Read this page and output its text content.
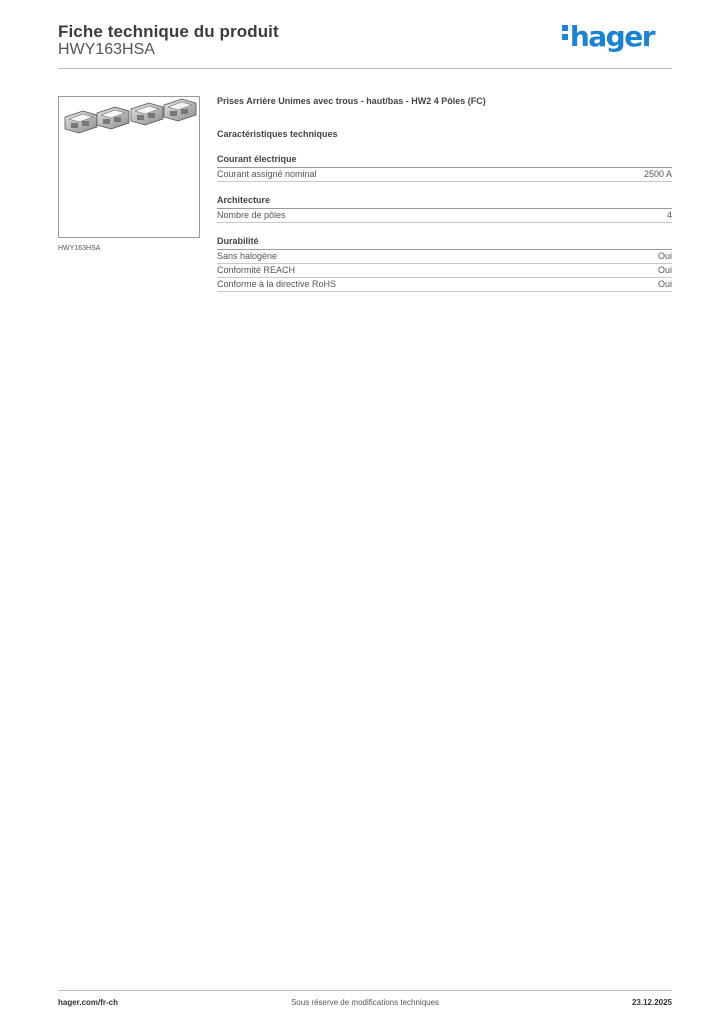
Fiche technique du produit
HWY163HSA	hager
HWY163HSA
Prises Arrière Unimes avec trous - haut/bas - HW2 4 Pôles (FC)
Caractéristiques techniques
Courant électrique
Courant assigné nominal	2500 A
Architecture
Nombre de pôles	4
Durabilité
Sans halogène	Oui
Conformité REACH	Oui
Conforme à la directive RoHS	Oui
hager.com/fr-ch	Sous réserve de modifications techniques	23.12.2025
